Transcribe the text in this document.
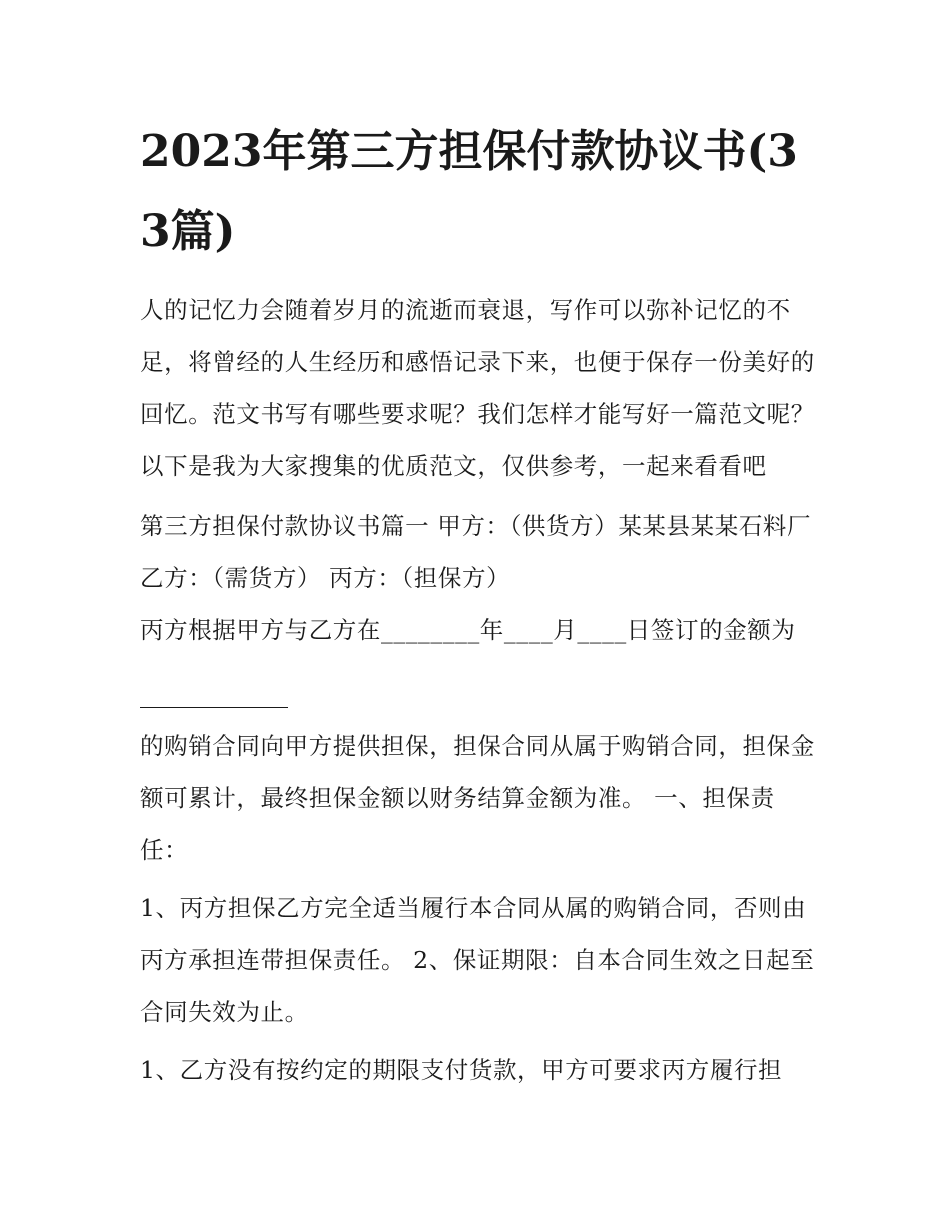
2023年第三方担保付款协议书(33篇)

人的记忆力会随着岁月的流逝而衰退，写作可以弥补记忆的不足，将曾经的人生经历和感悟记录下来，也便于保存一份美好的回忆。范文书写有哪些要求呢？我们怎样才能写好一篇范文呢？以下是我为大家搜集的优质范文，仅供参考，一起来看看吧

第三方担保付款协议书篇一 甲方：（供货方）某某县某某石料厂 乙方：（需货方） 丙方：（担保方）

丙方根据甲方与乙方在________年____月____日签订的金额为

的购销合同向甲方提供担保，担保合同从属于购销合同，担保金额可累计，最终担保金额以财务结算金额为准。 一、担保责任：

1、丙方担保乙方完全适当履行本合同从属的购销合同，否则由丙方承担连带担保责任。 2、保证期限：自本合同生效之日起至合同失效为止。

1、乙方没有按约定的期限支付货款，甲方可要求丙方履行担
